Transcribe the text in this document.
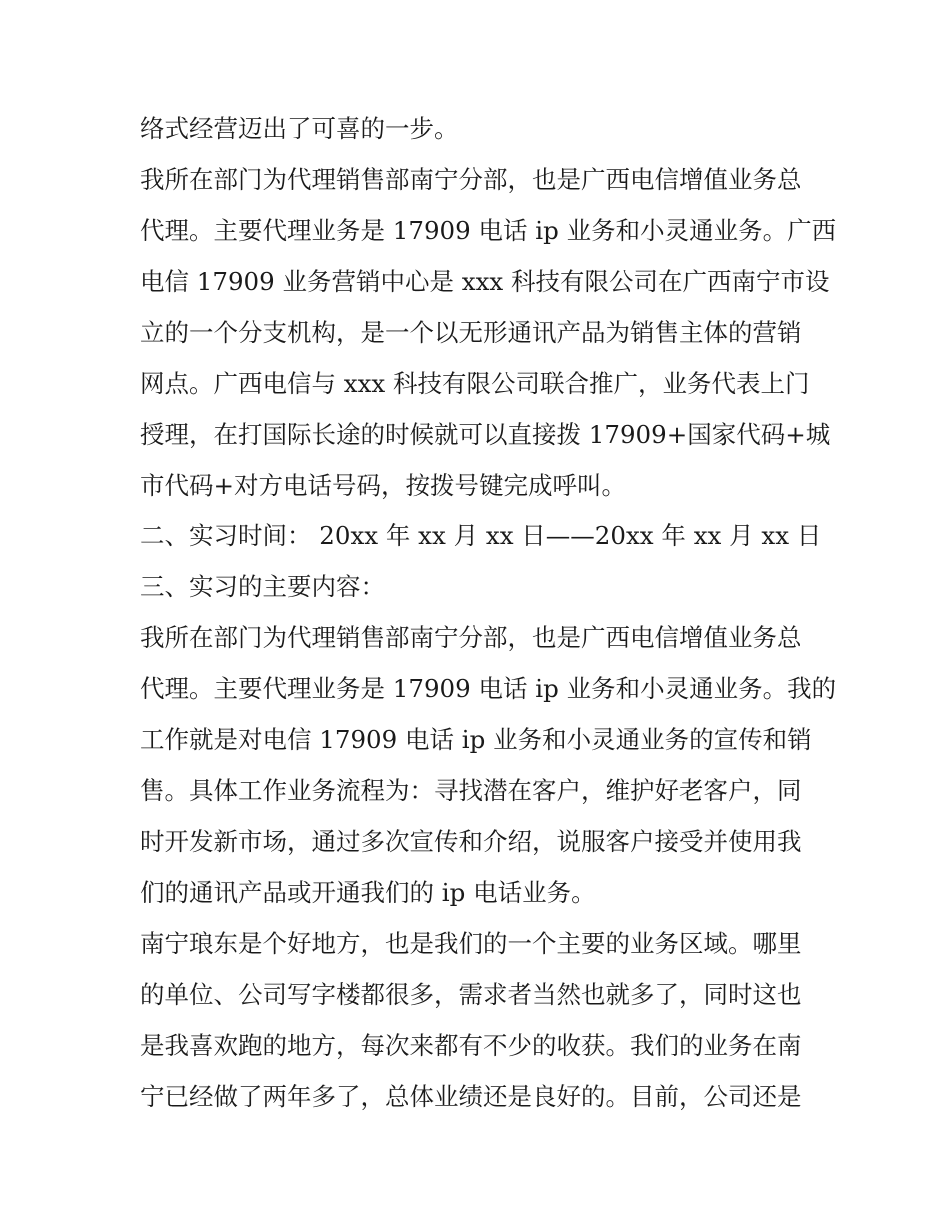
络式经营迈出了可喜的一步。
我所在部门为代理销售部南宁分部，也是广西电信增值业务总
代理。主要代理业务是 17909 电话 ip 业务和小灵通业务。广西
电信 17909 业务营销中心是 xxx 科技有限公司在广西南宁市设
立的一个分支机构，是一个以无形通讯产品为销售主体的营销
网点。广西电信与 xxx 科技有限公司联合推广，业务代表上门
授理，在打国际长途的时候就可以直接拨 17909+国家代码+城
市代码+对方电话号码，按拨号键完成呼叫。
二、实习时间： 20xx 年 xx 月 xx 日——20xx 年 xx 月 xx 日
三、实习的主要内容：
我所在部门为代理销售部南宁分部，也是广西电信增值业务总
代理。主要代理业务是 17909 电话 ip 业务和小灵通业务。我的
工作就是对电信 17909 电话 ip 业务和小灵通业务的宣传和销
售。具体工作业务流程为：寻找潜在客户，维护好老客户，同
时开发新市场，通过多次宣传和介绍，说服客户接受并使用我
们的通讯产品或开通我们的 ip 电话业务。
南宁琅东是个好地方，也是我们的一个主要的业务区域。哪里
的单位、公司写字楼都很多，需求者当然也就多了，同时这也
是我喜欢跑的地方，每次来都有不少的收获。我们的业务在南
宁已经做了两年多了，总体业绩还是良好的。目前，公司还是
